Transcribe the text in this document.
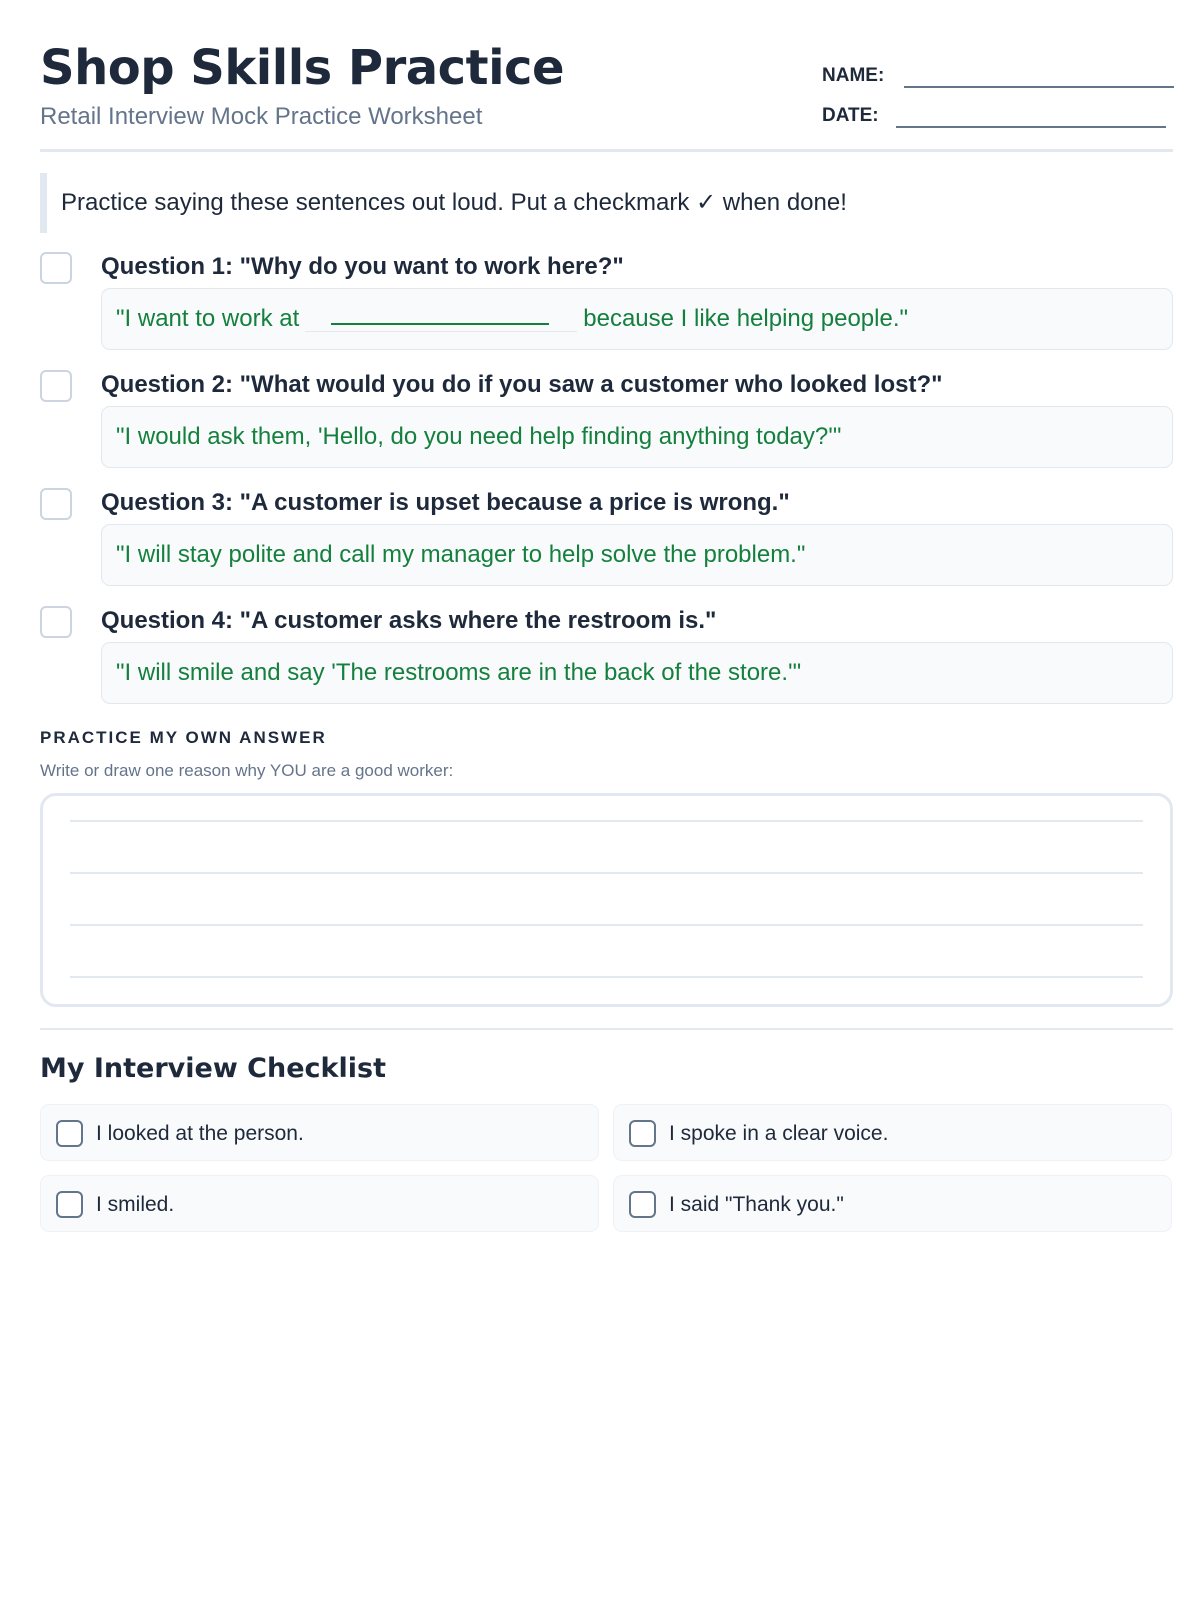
Shop Skills Practice
Retail Interview Mock Practice Worksheet
NAME:
DATE:
Practice saying these sentences out loud. Put a checkmark ✓ when done!
Question 1: "Why do you want to work here?"
"I want to work at	because I like helping people."
Question 2: "What would you do if you saw a customer who looked lost?"
"I would ask them, 'Hello, do you need help finding anything today?'"
Question 3: "A customer is upset because a price is wrong."
"I will stay polite and call my manager to help solve the problem."
Question 4: "A customer asks where the restroom is."
"I will smile and say 'The restrooms are in the back of the store.'"
PRACTICE MY OWN ANSWER
Write or draw one reason why YOU are a good worker:
My Interview Checklist
I looked at the person.	I spoke in a clear voice.
I smiled.	I said "Thank you."
